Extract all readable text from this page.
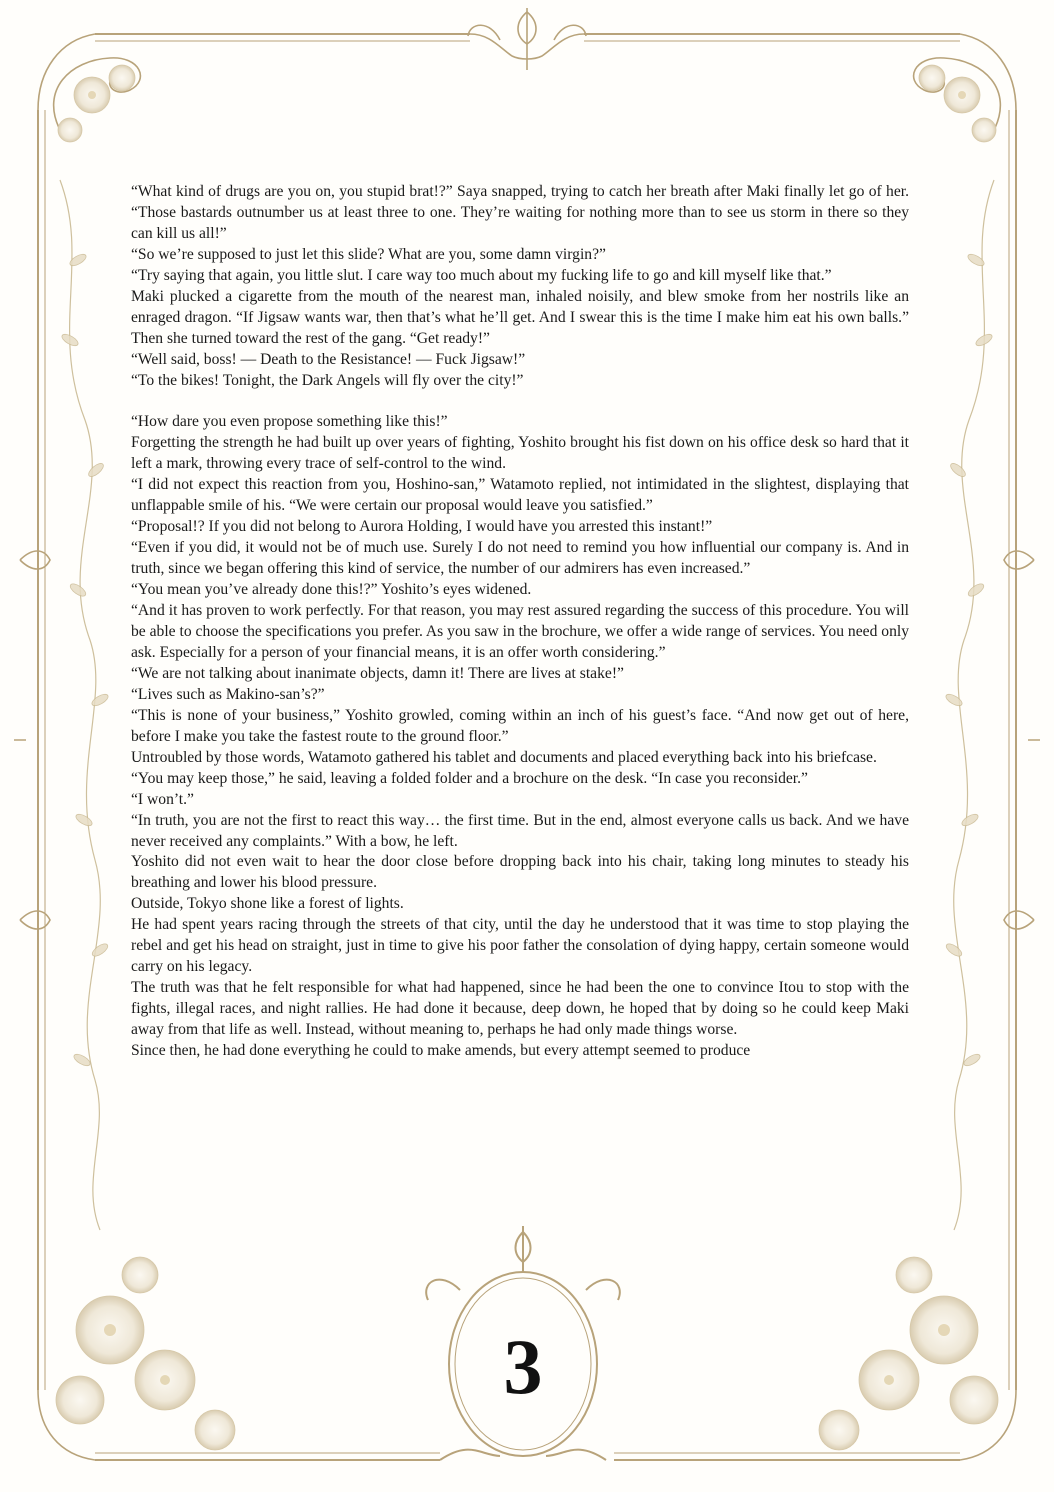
“What kind of drugs are you on, you stupid brat!?” Saya snapped, trying to catch her breath after Maki finally let go of her. “Those bastards outnumber us at least three to one. They’re waiting for nothing more than to see us storm in there so they can kill us all!”

“So we’re supposed to just let this slide? What are you, some damn virgin?”

“Try saying that again, you little slut. I care way too much about my fucking life to go and kill myself like that.”

Maki plucked a cigarette from the mouth of the nearest man, inhaled noisily, and blew smoke from her nostrils like an enraged dragon. “If Jigsaw wants war, then that’s what he’ll get. And I swear this is the time I make him eat his own balls.” Then she turned toward the rest of the gang. “Get ready!”

“Well said, boss! — Death to the Resistance! — Fuck Jigsaw!”

“To the bikes! Tonight, the Dark Angels will fly over the city!”

“How dare you even propose something like this!”

Forgetting the strength he had built up over years of fighting, Yoshito brought his fist down on his office desk so hard that it left a mark, throwing every trace of self-control to the wind.

“I did not expect this reaction from you, Hoshino-san,” Watamoto replied, not intimidated in the slightest, displaying that unflappable smile of his. “We were certain our proposal would leave you satisfied.”

“Proposal!? If you did not belong to Aurora Holding, I would have you arrested this instant!”

“Even if you did, it would not be of much use. Surely I do not need to remind you how influential our company is. And in truth, since we began offering this kind of service, the number of our admirers has even increased.”

“You mean you’ve already done this!?” Yoshito’s eyes widened.

“And it has proven to work perfectly. For that reason, you may rest assured regarding the success of this procedure. You will be able to choose the specifications you prefer. As you saw in the brochure, we offer a wide range of services. You need only ask. Especially for a person of your financial means, it is an offer worth considering.”

“We are not talking about inanimate objects, damn it! There are lives at stake!”

“Lives such as Makino-san’s?”

“This is none of your business,” Yoshito growled, coming within an inch of his guest’s face. “And now get out of here, before I make you take the fastest route to the ground floor.”

Untroubled by those words, Watamoto gathered his tablet and documents and placed everything back into his briefcase.

“You may keep those,” he said, leaving a folded folder and a brochure on the desk. “In case you reconsider.”

“I won’t.”

“In truth, you are not the first to react this way… the first time. But in the end, almost everyone calls us back. And we have never received any complaints.” With a bow, he left.

Yoshito did not even wait to hear the door close before dropping back into his chair, taking long minutes to steady his breathing and lower his blood pressure.

Outside, Tokyo shone like a forest of lights.

He had spent years racing through the streets of that city, until the day he understood that it was time to stop playing the rebel and get his head on straight, just in time to give his poor father the consolation of dying happy, certain someone would carry on his legacy.

The truth was that he felt responsible for what had happened, since he had been the one to convince Itou to stop with the fights, illegal races, and night rallies. He had done it because, deep down, he hoped that by doing so he could keep Maki away from that life as well. Instead, without meaning to, perhaps he had only made things worse.

Since then, he had done everything he could to make amends, but every attempt seemed to produce

3
